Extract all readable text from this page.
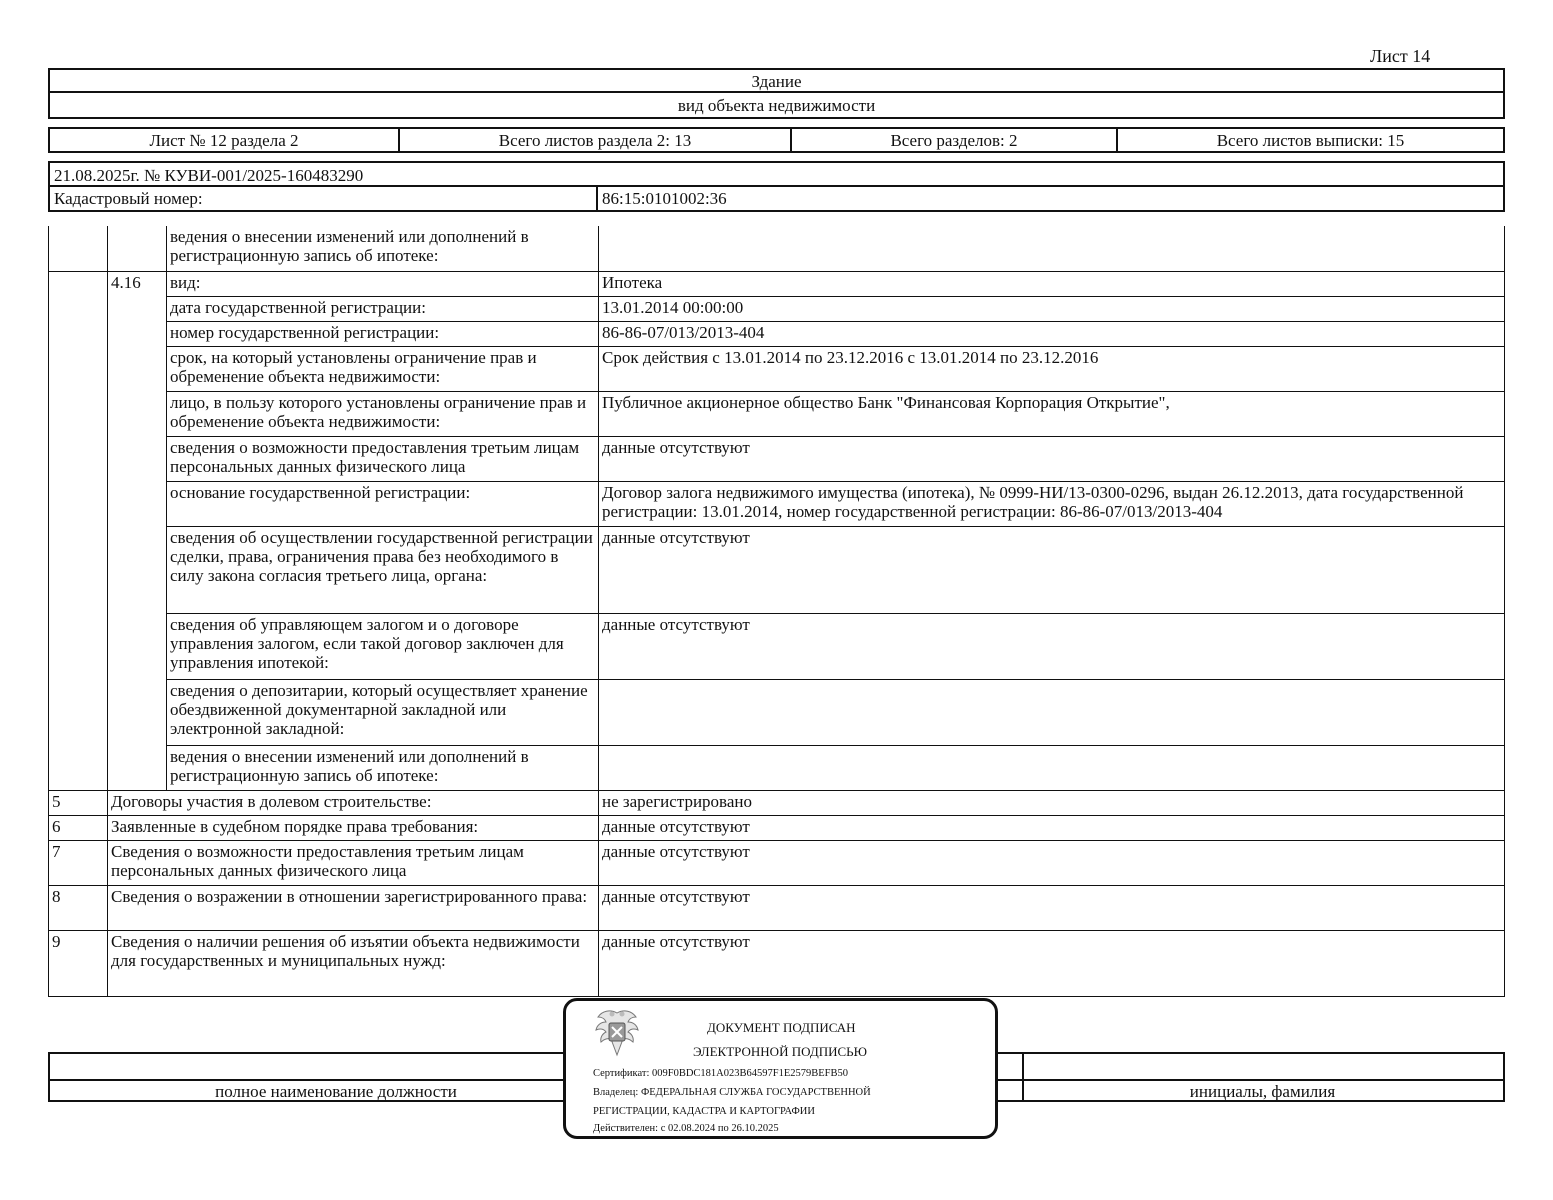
Лист 14
Здание
вид объекта недвижимости
Лист № 12 раздела 2	Всего листов раздела 2: 13	Всего разделов: 2	Всего листов выписки: 15
21.08.2025г. № КУВИ-001/2025-160483290
Кадастровый номер:	86:15:0101002:36
		ведения о внесении изменений или дополнений в регистрационную запись об ипотеке:	
	4.16	вид:	Ипотека
		дата государственной регистрации:	13.01.2014 00:00:00
		номер государственной регистрации:	86-86-07/013/2013-404
		срок, на который установлены ограничение прав и обременение объекта недвижимости:	Срок действия с 13.01.2014 по 23.12.2016 с 13.01.2014 по 23.12.2016
		лицо, в пользу которого установлены ограничение прав и обременение объекта недвижимости:	Публичное акционерное общество Банк "Финансовая Корпорация Открытие",
		сведения о возможности предоставления третьим лицам персональных данных физического лица	данные отсутствуют
		основание государственной регистрации:	Договор залога недвижимого имущества (ипотека), № 0999-НИ/13-0300-0296, выдан 26.12.2013, дата государственной регистрации: 13.01.2014, номер государственной регистрации: 86-86-07/013/2013-404
		сведения об осуществлении государственной регистрации сделки, права, ограничения права без необходимого в силу закона согласия третьего лица, органа:	данные отсутствуют
		сведения об управляющем залогом и о договоре управления залогом, если такой договор заключен для управления ипотекой:	данные отсутствуют
		сведения о депозитарии, который осуществляет хранение обездвиженной документарной закладной или электронной закладной:	
		ведения о внесении изменений или дополнений в регистрационную запись об ипотеке:	
5	Договоры участия в долевом строительстве:		не зарегистрировано
6	Заявленные в судебном порядке права требования:		данные отсутствуют
7	Сведения о возможности предоставления третьим лицам персональных данных физического лица		данные отсутствуют
8	Сведения о возражении в отношении зарегистрированного права:		данные отсутствуют
9	Сведения о наличии решения об изъятии объекта недвижимости для государственных и муниципальных нужд:		данные отсутствуют
полное наименование должности	инициалы, фамилия
ДОКУМЕНТ ПОДПИСАН
ЭЛЕКТРОННОЙ ПОДПИСЬЮ
Сертификат: 009F0BDC181A023B64597F1E2579BEFB50
Владелец: ФЕДЕРАЛЬНАЯ СЛУЖБА ГОСУДАРСТВЕННОЙ
РЕГИСТРАЦИИ, КАДАСТРА И КАРТОГРАФИИ
Действителен: с 02.08.2024 по 26.10.2025
